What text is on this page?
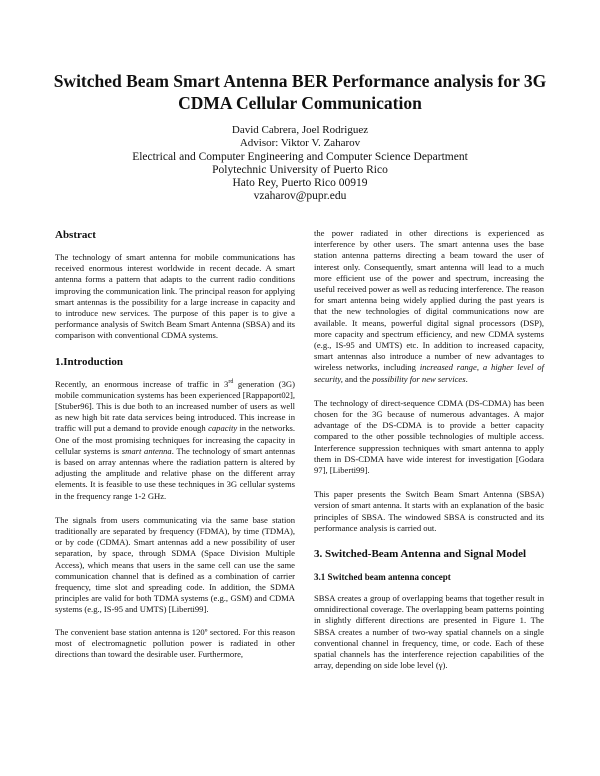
Switched Beam Smart Antenna BER Performance analysis for 3G CDMA Cellular Communication
David Cabrera, Joel Rodriguez
Advisor: Viktor V. Zaharov
Electrical and Computer Engineering and Computer Science Department
Polytechnic University of Puerto Rico
Hato Rey, Puerto Rico 00919
vzaharov@pupr.edu
Abstract

The technology of smart antenna for mobile communications has received enormous interest worldwide in recent decade. A smart antenna forms a pattern that adapts to the current radio conditions improving the communication link. The principal reason for applying smart antennas is the possibility for a large increase in capacity and to introduce new services. The purpose of this paper is to give a performance analysis of Switch Beam Smart Antenna (SBSA) and its comparison with conventional CDMA systems.

1.Introduction

Recently, an enormous increase of traffic in 3rd generation (3G) mobile communication systems has been experienced [Rappaport02], [Stuber96]. This is due both to an increased number of users as well as new high bit rate data services being introduced. This increase in traffic will put a demand to provide enough capacity in the networks. One of the most promising techniques for increasing the capacity in cellular systems is smart antenna. The technology of smart antennas is based on array antennas where the radiation pattern is altered by adjusting the amplitude and relative phase on the different array elements. It is feasible to use these techniques in 3G cellular systems in the frequency range 1-2 GHz.

The signals from users communicating via the same base station traditionally are separated by frequency (FDMA), by time (TDMA), or by code (CDMA). Smart antennas add a new possibility of user separation, by space, through SDMA (Space Division Multiple Access), which means that users in the same cell can use the same communication channel that is defined as a combination of carrier frequency, time slot and spreading code. In addition, the SDMA principles are valid for both TDMA systems (e.g., GSM) and CDMA systems (e.g., IS-95 and UMTS) [Liberti99].

The convenient base station antenna is 120º sectored. For this reason most of electromagnetic pollution power is radiated in other directions than toward the desirable user. Furthermore,

the power radiated in other directions is experienced as interference by other users. The smart antenna uses the base station antenna patterns directing a beam toward the user of interest only. Consequently, smart antenna will lead to a much more efficient use of the power and spectrum, increasing the useful received power as well as reducing interference. The reason for smart antenna being widely applied during the past years is that the new technologies of digital communications now are available. It means, powerful digital signal processors (DSP), more capacity and spectrum efficiency, and new CDMA systems (e.g., IS-95 and UMTS) etc. In addition to increased capacity, smart antennas also introduce a number of new advantages to wireless networks, including increased range, a higher level of security, and the possibility for new services.

The technology of direct-sequence CDMA (DS-CDMA) has been chosen for the 3G because of numerous advantages. A major advantage of the DS-CDMA is to provide a better capacity compared to the other possible technologies of multiple access. Interference suppression techniques with smart antenna to apply them in DS-CDMA have wide interest for investigation [Godara 97], [Liberti99].

This paper presents the Switch Beam Smart Antenna (SBSA) version of smart antenna. It starts with an explanation of the basic principles of SBSA. The windowed SBSA is constructed and its performance analysis is carried out.

3. Switched-Beam Antenna and Signal Model
3.1 Switched beam antenna concept

SBSA creates a group of overlapping beams that together result in omnidirectional coverage. The overlapping beam patterns pointing in slightly different directions are presented in Figure 1. The SBSA creates a number of two-way spatial channels on a single conventional channel in frequency, time, or code. Each of these spatial channels has the interference rejection capabilities of the array, depending on side lobe level (γ).
